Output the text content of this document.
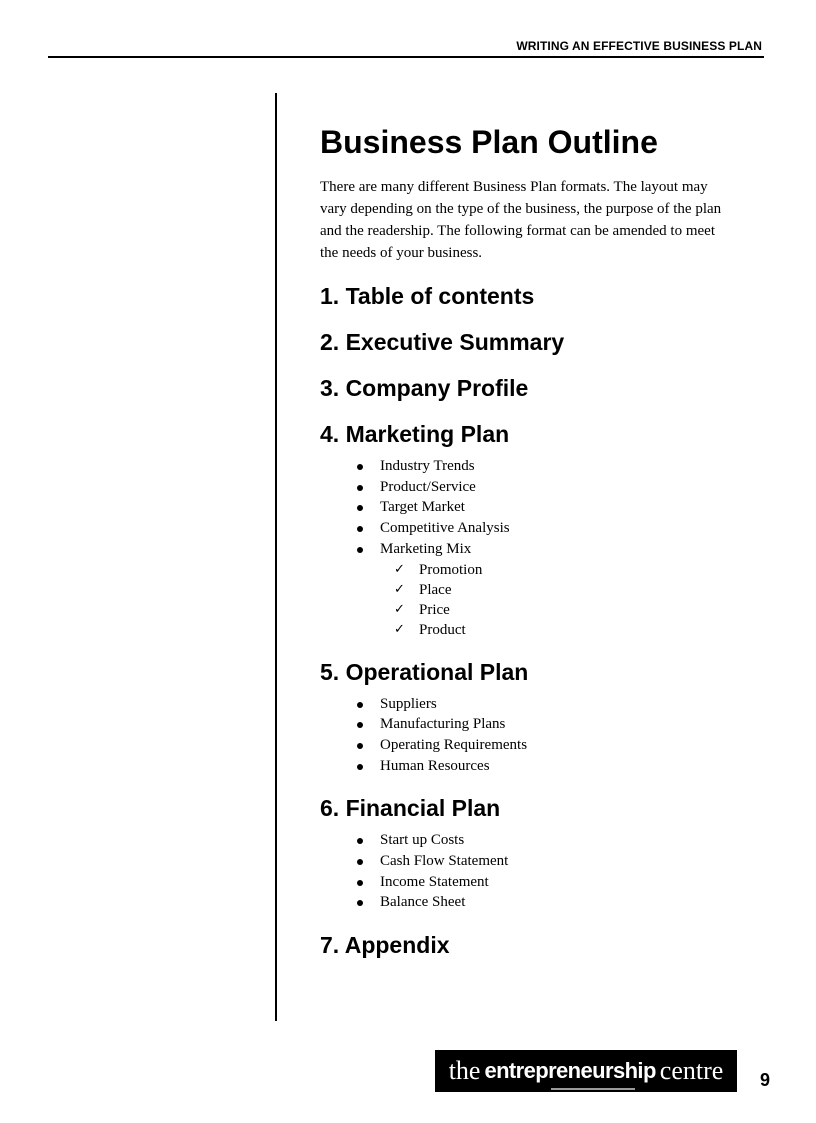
WRITING AN EFFECTIVE BUSINESS PLAN
Business Plan Outline

There are many different Business Plan formats. The layout may vary depending on the type of the business, the purpose of the plan and the readership. The following format can be amended to meet the needs of your business.

1. Table of contents
2. Executive Summary
3. Company Profile
4. Marketing Plan
Industry Trends
Product/Service
Target Market
Competitive Analysis
Marketing Mix
✓ Promotion
✓ Place
✓ Price
✓ Product
5. Operational Plan
Suppliers
Manufacturing Plans
Operating Requirements
Human Resources
6. Financial Plan
Start up Costs
Cash Flow Statement
Income Statement
Balance Sheet
7. Appendix
the entrepreneurship centre 9
